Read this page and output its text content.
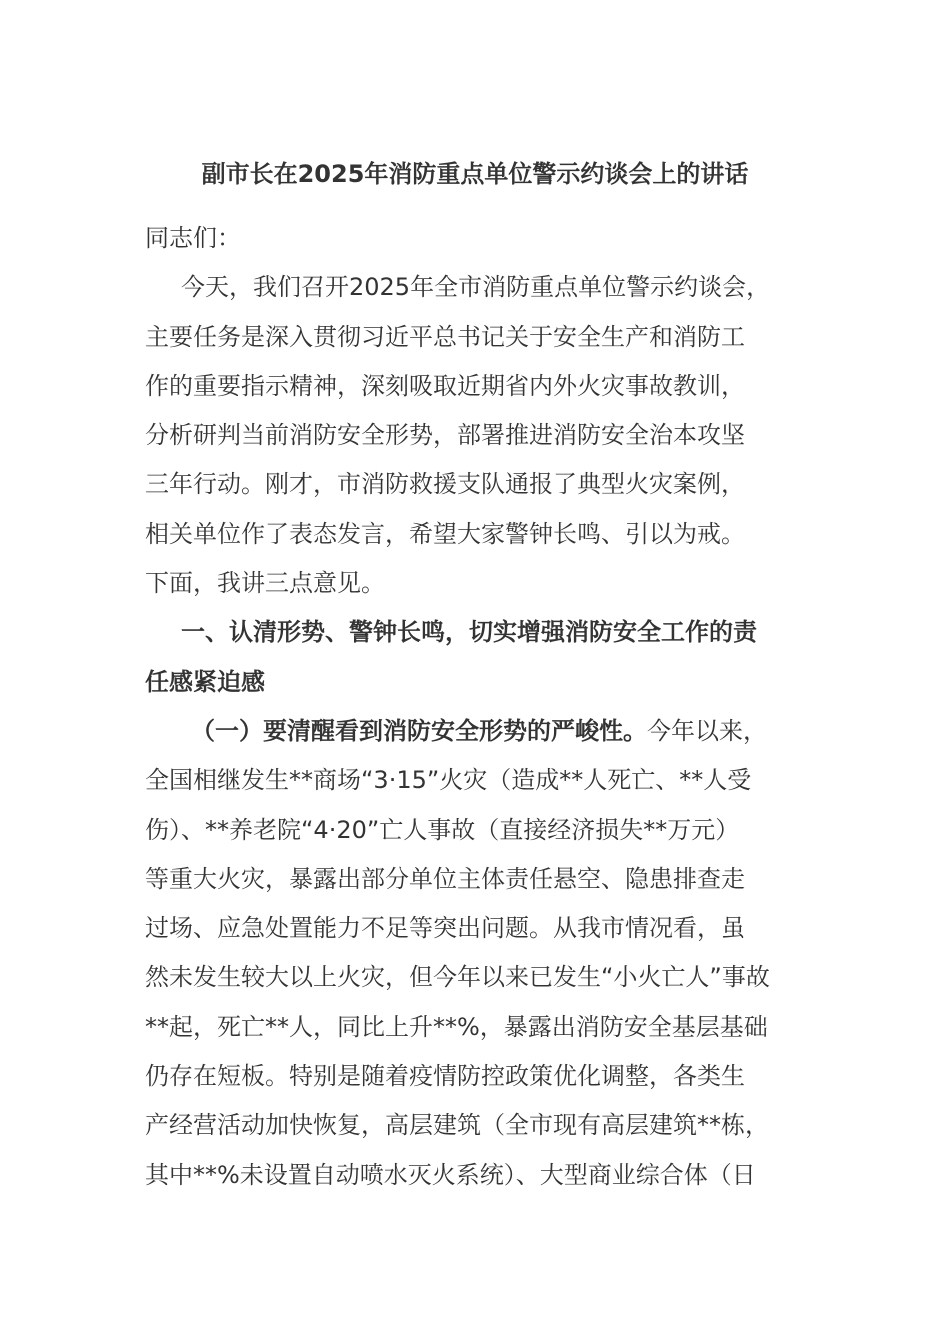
副市长在2025年消防重点单位警示约谈会上的讲话

同志们：

今天，我们召开2025年全市消防重点单位警示约谈会，

主要任务是深入贯彻习近平总书记关于安全生产和消防工
作的重要指示精神，深刻吸取近期省内外火灾事故教训，
分析研判当前消防安全形势，部署推进消防安全治本攻坚
三年行动。刚才，市消防救援支队通报了典型火灾案例，
相关单位作了表态发言，希望大家警钟长鸣、引以为戒。
下面，我讲三点意见。

一、认清形势、警钟长鸣，切实增强消防安全工作的责

任感紧迫感

（一）要清醒看到消防安全形势的严峻性。今年以来，

全国相继发生**商场“3·15”火灾（造成**人死亡、**人受
伤）、**养老院“4·20”亡人事故（直接经济损失**万元）
等重大火灾，暴露出部分单位主体责任悬空、隐患排查走
过场、应急处置能力不足等突出问题。从我市情况看，虽
然未发生较大以上火灾，但今年以来已发生“小火亡人”事故
**起，死亡**人，同比上升**%，暴露出消防安全基层基础
仍存在短板。特别是随着疫情防控政策优化调整，各类生
产经营活动加快恢复，高层建筑（全市现有高层建筑**栋，
其中**%未设置自动喷水灭火系统）、大型商业综合体（日
